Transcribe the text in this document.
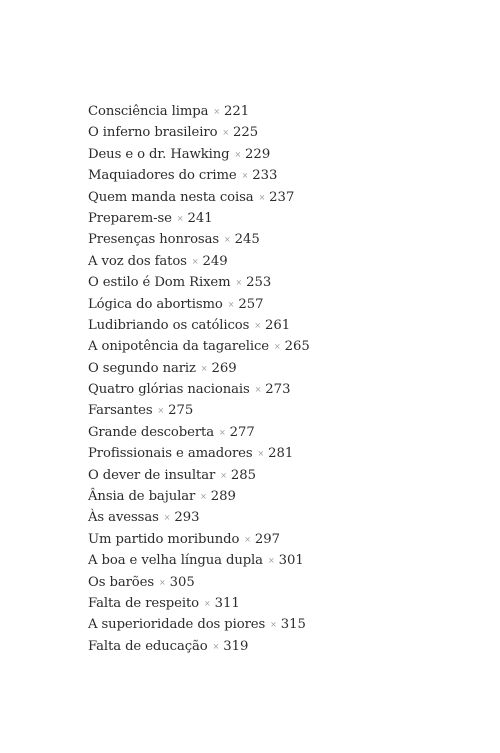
Consciência limpa × 221
O inferno brasileiro × 225
Deus e o dr. Hawking × 229
Maquiadores do crime × 233
Quem manda nesta coisa × 237
Preparem-se × 241
Presenças honrosas × 245
A voz dos fatos × 249
O estilo é Dom Rixem × 253
Lógica do abortismo × 257
Ludibriando os católicos × 261
A onipotência da tagarelice × 265
O segundo nariz × 269
Quatro glórias nacionais × 273
Farsantes × 275
Grande descoberta × 277
Profissionais e amadores × 281
O dever de insultar × 285
Ânsia de bajular × 289
Às avessas × 293
Um partido moribundo × 297
A boa e velha língua dupla × 301
Os barões × 305
Falta de respeito × 311
A superioridade dos piores × 315
Falta de educação × 319
